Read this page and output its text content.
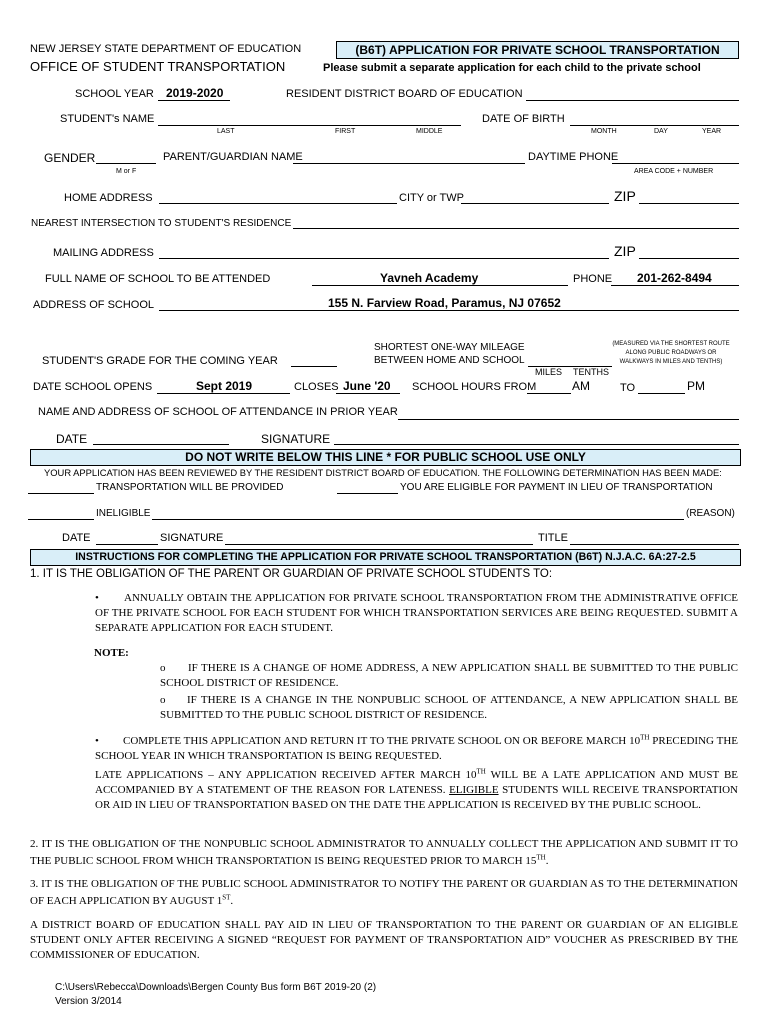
NEW JERSEY STATE DEPARTMENT OF EDUCATION
OFFICE OF STUDENT TRANSPORTATION
(B6T) APPLICATION FOR PRIVATE SCHOOL TRANSPORTATION
Please submit a separate application for each child to the private school
SCHOOL YEAR 2019-2020	RESIDENT DISTRICT BOARD OF EDUCATION
STUDENT's NAME
LAST	FIRST	MIDDLE
DATE OF BIRTH
MONTH	DAY	YEAR
GENDER
M or F
PARENT/GUARDIAN NAME	DAYTIME PHONE
AREA CODE + NUMBER
HOME ADDRESS	CITY or TWP	ZIP
NEAREST INTERSECTION TO STUDENT'S RESIDENCE
MAILING ADDRESS	ZIP
FULL NAME OF SCHOOL TO BE ATTENDED	Yavneh Academy	PHONE 201-262-8494
ADDRESS OF SCHOOL	155 N. Farview Road, Paramus, NJ 07652
SHORTEST ONE-WAY MILEAGE
BETWEEN HOME AND SCHOOL
(MEASURED VIA THE SHORTEST ROUTE
ALONG PUBLIC ROADWAYS OR
WALKWAYS IN MILES AND TENTHS)
STUDENT'S GRADE FOR THE COMING YEAR
MILES TENTHS
DATE SCHOOL OPENS	Sept 2019	CLOSES June '20 SCHOOL HOURS FROM	AM	TO	PM
NAME AND ADDRESS OF SCHOOL OF ATTENDANCE IN PRIOR YEAR
DATE	SIGNATURE
DO NOT WRITE BELOW THIS LINE * FOR PUBLIC SCHOOL USE ONLY
YOUR APPLICATION HAS BEEN REVIEWED BY THE RESIDENT DISTRICT BOARD OF EDUCATION. THE FOLLOWING DETERMINATION HAS BEEN MADE:
TRANSPORTATION WILL BE PROVIDED	YOU ARE ELIGIBLE FOR PAYMENT IN LIEU OF TRANSPORTATION
INELIGIBLE	(REASON)
DATE	SIGNATURE	TITLE
INSTRUCTIONS FOR COMPLETING THE APPLICATION FOR PRIVATE SCHOOL TRANSPORTATION (B6T) N.J.A.C. 6A:27-2.5
1. IT IS THE OBLIGATION OF THE PARENT OR GUARDIAN OF PRIVATE SCHOOL STUDENTS TO:
•	ANNUALLY OBTAIN THE APPLICATION FOR PRIVATE SCHOOL TRANSPORTATION FROM THE ADMINISTRATIVE OFFICE OF THE PRIVATE SCHOOL FOR EACH STUDENT FOR WHICH TRANSPORTATION SERVICES ARE BEING REQUESTED. SUBMIT A SEPARATE APPLICATION FOR EACH STUDENT.
NOTE:
o	IF THERE IS A CHANGE OF HOME ADDRESS, A NEW APPLICATION SHALL BE SUBMITTED TO THE PUBLIC SCHOOL DISTRICT OF RESIDENCE.
o	IF THERE IS A CHANGE IN THE NONPUBLIC SCHOOL OF ATTENDANCE, A NEW APPLICATION SHALL BE SUBMITTED TO THE PUBLIC SCHOOL DISTRICT OF RESIDENCE.
•	COMPLETE THIS APPLICATION AND RETURN IT TO THE PRIVATE SCHOOL ON OR BEFORE MARCH 10TH PRECEDING THE SCHOOL YEAR IN WHICH TRANSPORTATION IS BEING REQUESTED.
LATE APPLICATIONS – ANY APPLICATION RECEIVED AFTER MARCH 10TH WILL BE A LATE APPLICATION AND MUST BE ACCOMPANIED BY A STATEMENT OF THE REASON FOR LATENESS. ELIGIBLE STUDENTS WILL RECEIVE TRANSPORTATION OR AID IN LIEU OF TRANSPORTATION BASED ON THE DATE THE APPLICATION IS RECEIVED BY THE PUBLIC SCHOOL.
2. IT IS THE OBLIGATION OF THE NONPUBLIC SCHOOL ADMINISTRATOR TO ANNUALLY COLLECT THE APPLICATION AND SUBMIT IT TO THE PUBLIC SCHOOL FROM WHICH TRANSPORTATION IS BEING REQUESTED PRIOR TO MARCH 15TH.
3. IT IS THE OBLIGATION OF THE PUBLIC SCHOOL ADMINISTRATOR TO NOTIFY THE PARENT OR GUARDIAN AS TO THE DETERMINATION OF EACH APPLICATION BY AUGUST 1ST.
A DISTRICT BOARD OF EDUCATION SHALL PAY AID IN LIEU OF TRANSPORTATION TO THE PARENT OR GUARDIAN OF AN ELIGIBLE STUDENT ONLY AFTER RECEIVING A SIGNED “REQUEST FOR PAYMENT OF TRANSPORTATION AID” VOUCHER AS PRESCRIBED BY THE COMMISSIONER OF EDUCATION.
C:\Users\Rebecca\Downloads\Bergen County Bus form B6T 2019-20 (2)
Version 3/2014
